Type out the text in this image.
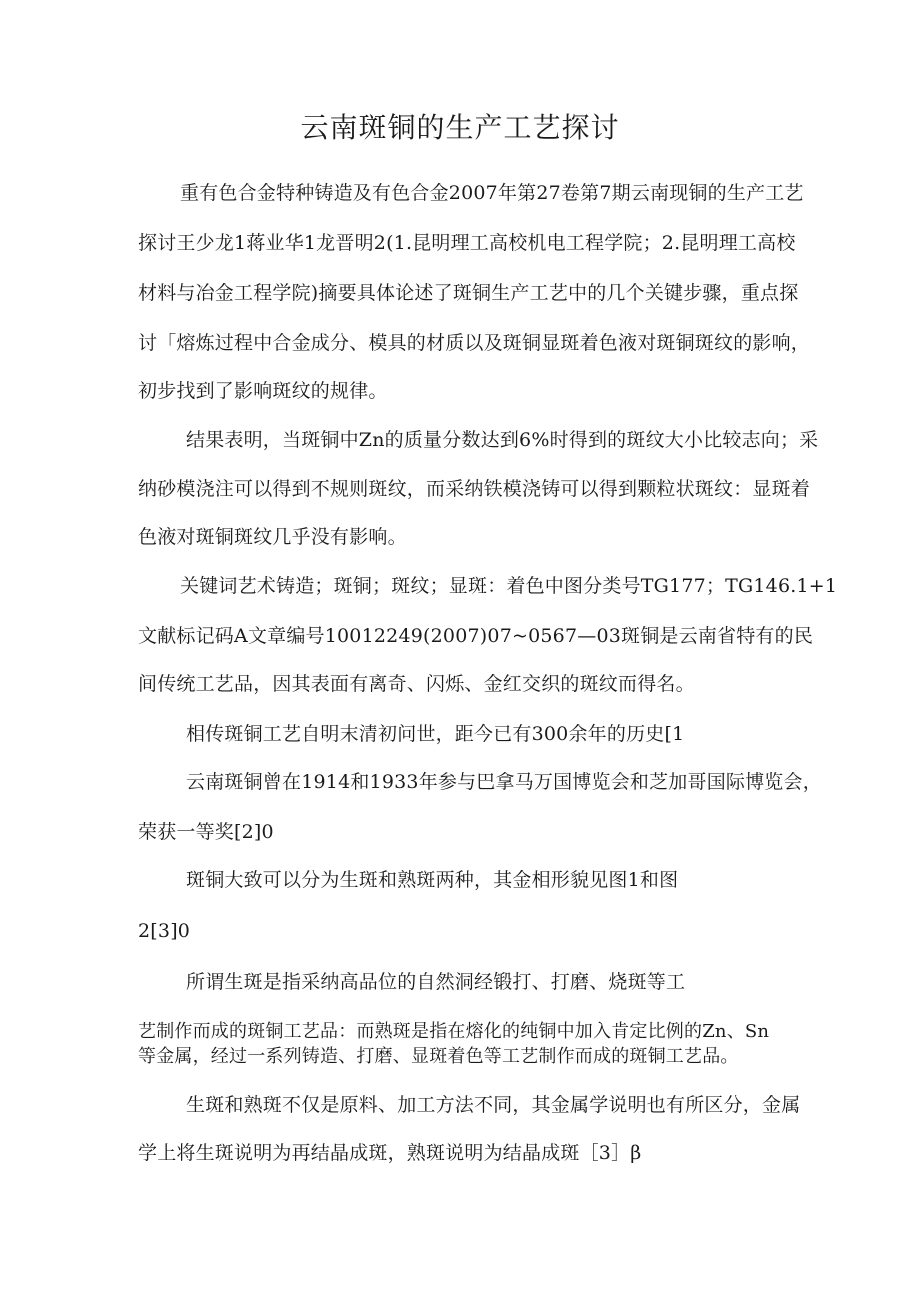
云南斑铜的生产工艺探讨
重有色合金特种铸造及有色合金2007年第27卷第7期云南现铜的生产工艺
探讨王少龙1蒋业华1龙晋明2(1.昆明理工高校机电工程学院；2.昆明理工高校
材料与冶金工程学院)摘要具体论述了斑铜生产工艺中的几个关键步骤，重点探
讨「熔炼过程中合金成分、模具的材质以及斑铜显斑着色液对斑铜斑纹的影响，
初步找到了影响斑纹的规律。
结果表明，当斑铜中Zn的质量分数达到6%时得到的斑纹大小比较志向；采
纳砂模浇注可以得到不规则斑纹，而采纳铁模浇铸可以得到颗粒状斑纹：显斑着
色液对斑铜斑纹几乎没有影响。
关键词艺术铸造；斑铜；斑纹；显斑：着色中图分类号TG177；TG146.1+1
文献标记码A文章编号10012249(2007)07~0567—03斑铜是云南省特有的民
间传统工艺品，因其表面有离奇、闪烁、金红交织的斑纹而得名。
相传斑铜工艺自明末清初问世，距今已有300余年的历史[1
云南斑铜曾在1914和1933年参与巴拿马万国博览会和芝加哥国际博览会，
荣获一等奖[2]0
斑铜大致可以分为生斑和熟斑两种，其金相形貌见图1和图
2[3]0
所谓生斑是指采纳高品位的自然洞经锻打、打磨、烧斑等工
艺制作而成的斑铜工艺品：而熟斑是指在熔化的纯铜中加入肯定比例的Zn、Sn
等金属，经过一系列铸造、打磨、显斑着色等工艺制作而成的斑铜工艺品。
生斑和熟斑不仅是原料、加工方法不同，其金属学说明也有所区分，金属
学上将生斑说明为再结晶成斑，熟斑说明为结晶成斑［3］β
